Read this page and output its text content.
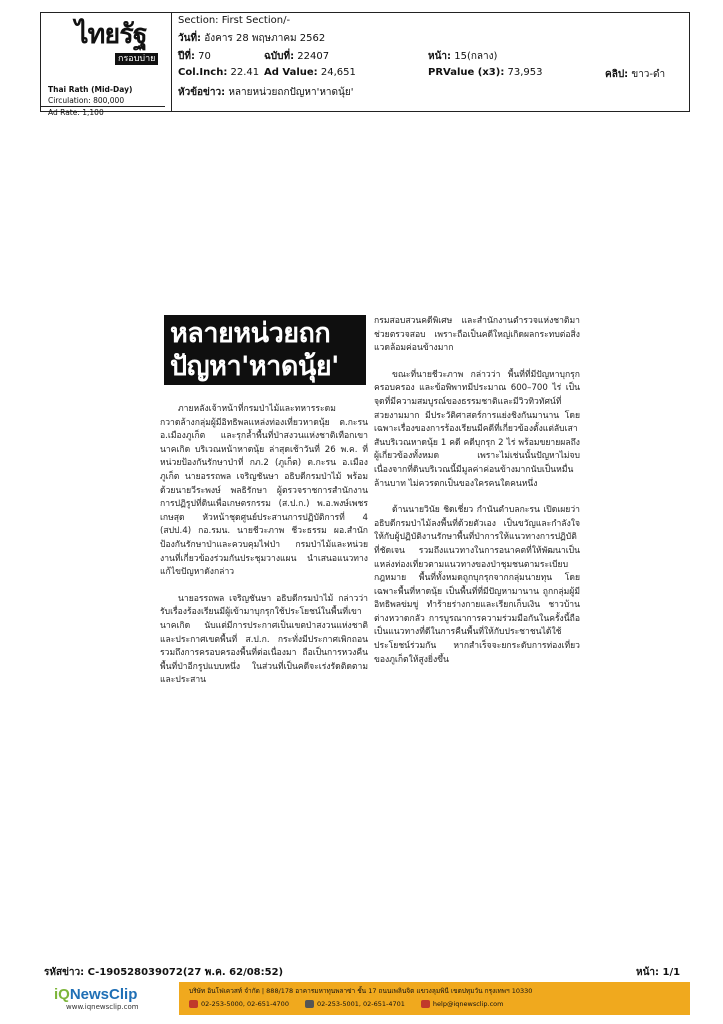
ไทยรัฐ
กรอบบ่าย
Thai Rath (Mid-Day)
Circulation: 800,000
Ad Rate: 1,100
Section: First Section/-
วันที่: อังคาร 28 พฤษภาคม 2562
ปีที่: 70	ฉบับที่: 22407	หน้า: 15(กลาง)
Col.Inch: 22.41 Ad Value: 24,651	PRValue (x3): 73,953	คลิป: ขาว-ดำ
หัวข้อข่าว: หลายหน่วยถกปัญหา'หาดนุ้ย'
หลายหน่วยถก
ปัญหา'หาดนุ้ย'

ภายหลังเจ้าหน้าที่กรมป่าไม้และทหารระดมกวาดล้างกลุ่มผู้มีอิทธิพลแหล่งท่องเที่ยวหาดนุ้ย ต.กะรน อ.เมืองภูเก็ต และรุกล้ำพื้นที่ป่าสงวนแห่งชาติเทือกเขานาคเกิด บริเวณหน้าหาดนุ้ย ล่าสุดเช้าวันที่ 26 พ.ค. ที่หน่วยป้องกันรักษาป่าที่ กภ.2 (ภูเก็ต) ต.กะรน อ.เมืองภูเก็ต นายอรรถพล เจริญชันษา อธิบดีกรมป่าไม้ พร้อมด้วยนายวีระพงษ์ พลธิรักษา ผู้ตรวจราชการสำนักงานการปฏิรูปที่ดินเพื่อเกษตรกรรม (ส.ป.ก.) พ.อ.พงษ์เพชร เกษสุด หัวหน้าชุดศูนย์ประสานการปฏิบัติการที่ 4 (สปป.4) กอ.รมน. นายชีวะภาพ ชีวะธรรม ผอ.สำนักป้องกันรักษาป่าและควบคุมไฟป่า กรมป่าไม้และหน่วยงานที่เกี่ยวข้องร่วมกันประชุมวางแผน นำเสนอแนวทางแก้ไขปัญหาดังกล่าว

นายอรรถพล เจริญชันษา อธิบดีกรมป่าไม้ กล่าวว่า รับเรื่องร้องเรียนมีผู้เข้ามาบุกรุกใช้ประโยชน์ในพื้นที่เขานาคเกิด นับแต่มีการประกาศเป็นเขตป่าสงวนแห่งชาติ และประกาศเขตพื้นที่ ส.ป.ก. กระทั่งมีประกาศเพิกถอนรวมถึงการครอบครองพื้นที่ต่อเนื่องมา ถือเป็นการหวงคืนพื้นที่ป่าอีกรูปแบบหนึ่ง ในส่วนที่เป็นคดีจะเร่งรัดติดตามและประสาน

กรมสอบสวนคดีพิเศษ และสำนักงานตำรวจแห่งชาติมาช่วยตรวจสอบ เพราะถือเป็นคดีใหญ่เกิดผลกระทบต่อสิ่งแวดล้อมค่อนข้างมาก

ขณะที่นายชีวะภาพ กล่าวว่า พื้นที่ที่มีปัญหาบุกรุกครอบครอง และข้อพิพาทมีประมาณ 600–700 ไร่ เป็นจุดที่มีความสมบูรณ์ของธรรมชาติและมีวิวทิวทัศน์ที่สวยงามมาก มีประวัติศาสตร์การแย่งชิงกันมานาน โดยเฉพาะเรื่องของการร้องเรียนมีคดีที่เกี่ยวข้องตั้งแต่ลับเสาสันบริเวณหาดนุ้ย 1 คดี คดีบุกรุก 2 ไร่ พร้อมขยายผลถึงผู้เกี่ยวข้องทั้งหมด เพราะไม่เช่นนั้นปัญหาไม่จบ เนื่องจากที่ดินบริเวณนี้มีมูลค่าค่อนข้างมากนับเป็นหมื่นล้านบาท ไม่ควรตกเป็นของใครคนใดคนหนึ่ง

ด้านนายวินัย ชิดเชี่ยว กำนันตำบลกะรน เปิดเผยว่า อธิบดีกรมป่าไม้ลงพื้นที่ด้วยตัวเอง เป็นขวัญและกำลังใจให้กับผู้ปฏิบัติงานรักษาพื้นที่ป่าการให้แนวทางการปฏิบัติที่ชัดเจน รวมถึงแนวทางในการอนาคตที่ให้พัฒนาเป็นแหล่งท่องเที่ยวตามแนวทางของป่าชุมชนตามระเบียบกฎหมาย พื้นที่ทั้งหมดถูกบุกรุกจากกลุ่มนายทุน โดยเฉพาะพื้นที่หาดนุ้ย เป็นพื้นที่ที่มีปัญหามานาน ถูกกลุ่มผู้มีอิทธิพลข่มขู่ ทำร้ายร่างกายและเรียกเก็บเงิน ชาวบ้านต่างหวาดกลัว การบูรณาการความร่วมมือกันในครั้งนี้ถือเป็นแนวทางที่ดีในการคืนพื้นที่ให้กับประชาชนได้ใช้ประโยชน์ร่วมกัน หากสำเร็จจะยกระดับการท่องเที่ยวของภูเก็ตให้สูงยิ่งขึ้น

รหัสข่าว: C-190528039072(27 พ.ค. 62/08:52)	หน้า: 1/1
iQNewsClip
www.iqnewsclip.com
บริษัท อินโฟเควสท์ จำกัด | 888/178 อาคารมหาทุนพลาซ่า ชั้น 17 ถนนเพลินจิต แขวงลุมพินี เขตปทุมวัน กรุงเทพฯ 10330
02-253-5000, 02-651-4700	02-253-5001, 02-651-4701	help@iqnewsclip.com
